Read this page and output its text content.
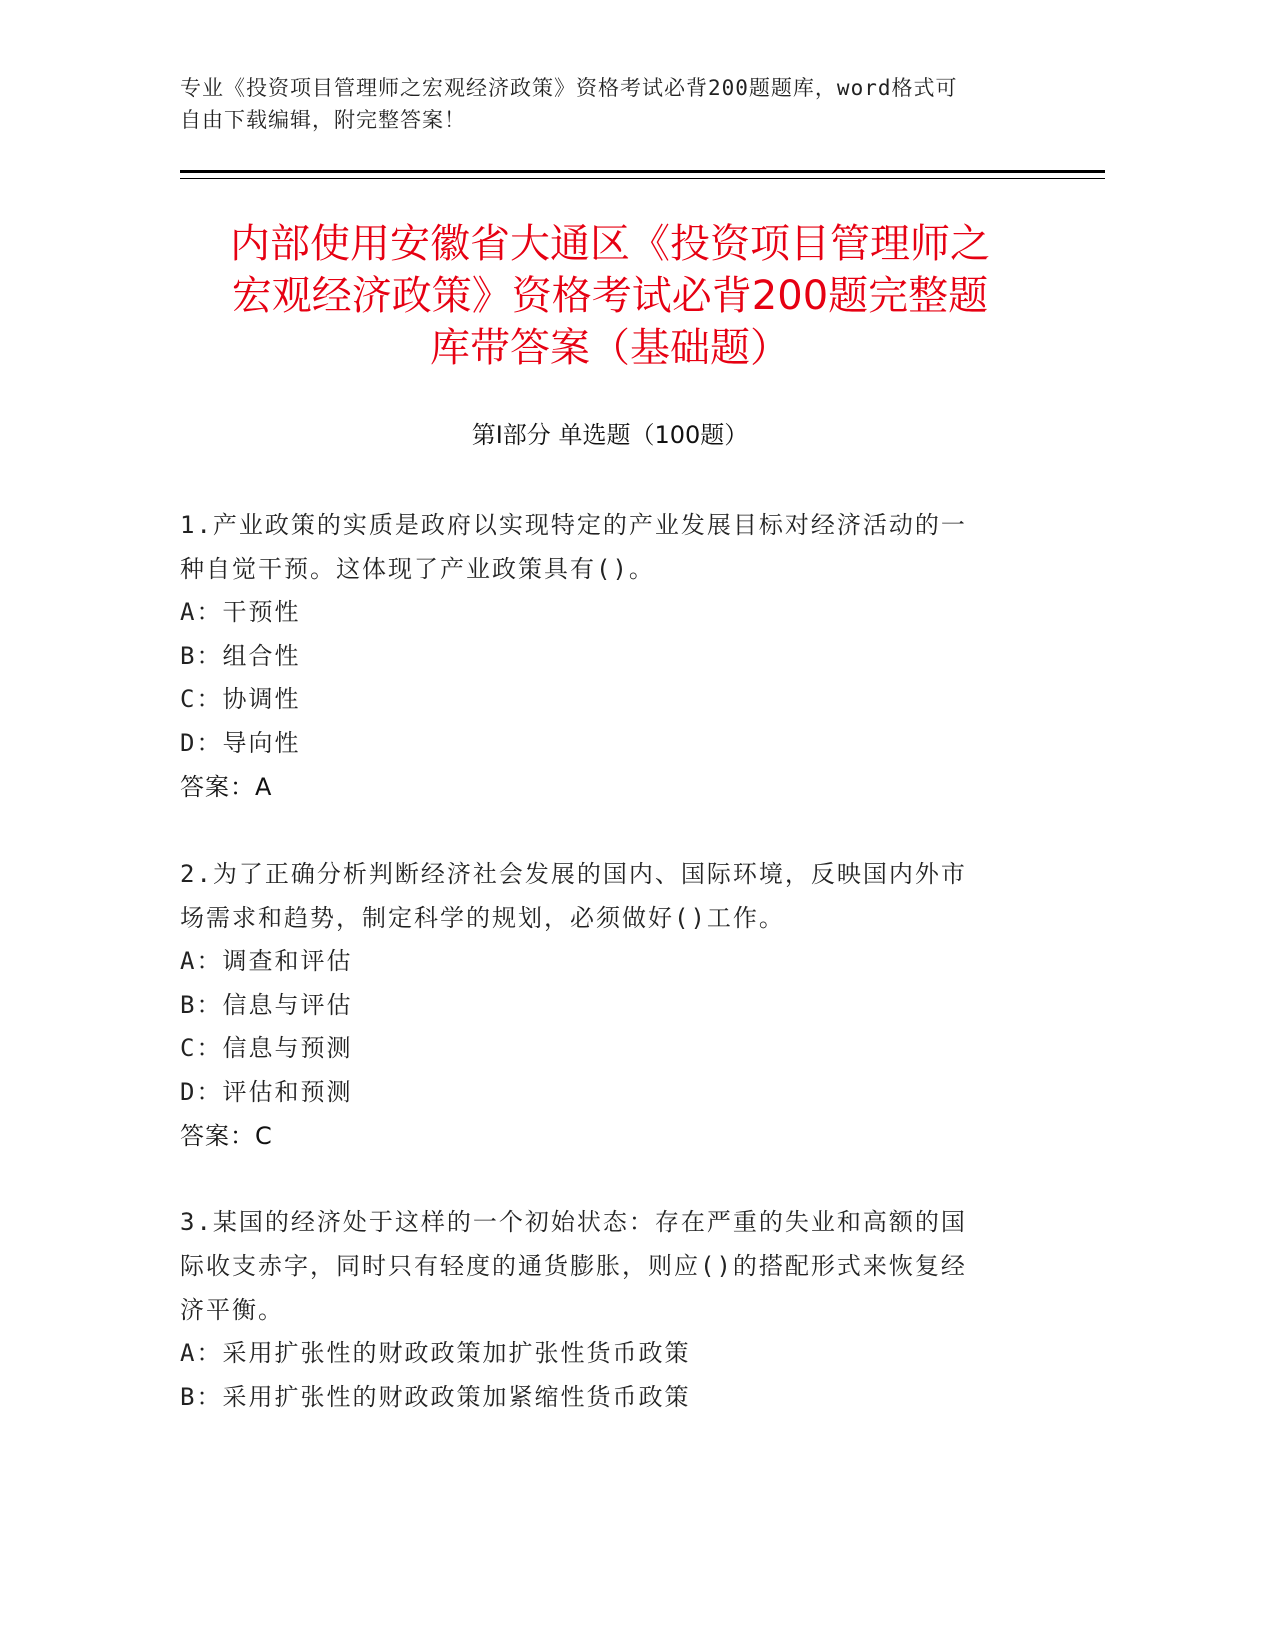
专业《投资项目管理师之宏观经济政策》资格考试必背200题题库，word格式可
自由下载编辑，附完整答案！
内部使用安徽省大通区《投资项目管理师之
宏观经济政策》资格考试必背200题完整题
库带答案（基础题）
第Ⅰ部分 单选题（100题）
1.产业政策的实质是政府以实现特定的产业发展目标对经济活动的一
种自觉干预。这体现了产业政策具有()。
A：干预性
B：组合性
C：协调性
D：导向性
答案：A
2.为了正确分析判断经济社会发展的国内、国际环境，反映国内外市
场需求和趋势，制定科学的规划，必须做好()工作。
A：调查和评估
B：信息与评估
C：信息与预测
D：评估和预测
答案：C
3.某国的经济处于这样的一个初始状态：存在严重的失业和高额的国
际收支赤字，同时只有轻度的通货膨胀，则应()的搭配形式来恢复经
济平衡。
A：采用扩张性的财政政策加扩张性货币政策
B：采用扩张性的财政政策加紧缩性货币政策
